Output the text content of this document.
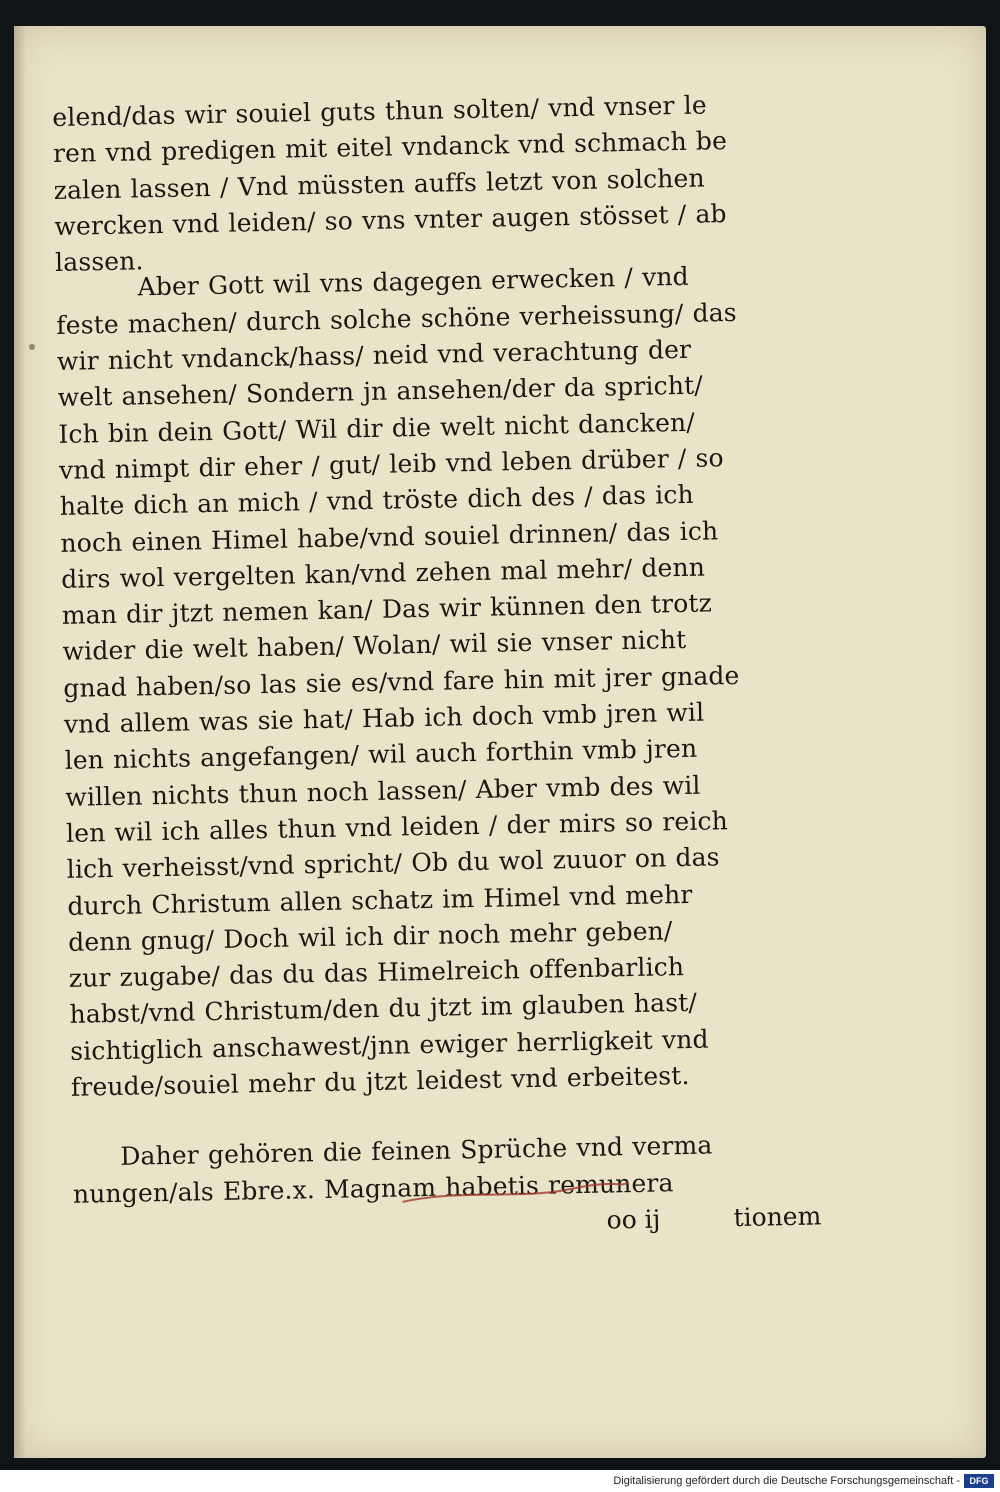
elend/das wir souiel guts thun solten/ vnd vnser le
ren vnd predigen mit eitel vndanck vnd schmach be
zalen lassen / Vnd müssten auffs letzt von solchen
wercken vnd leiden/ so vns vnter augen stösset / ab
lassen.
Aber Gott wil vns dagegen erwecken / vnd
feste machen/ durch solche schöne verheissung/ das
wir nicht vndanck/hass/ neid vnd verachtung der
welt ansehen/ Sondern jn ansehen/der da spricht/
Ich bin dein Gott/ Wil dir die welt nicht dancken/
vnd nimpt dir eher / gut/ leib vnd leben drüber / so
halte dich an mich / vnd tröste dich des / das ich
noch einen Himel habe/vnd souiel drinnen/ das ich
dirs wol vergelten kan/vnd zehen mal mehr/ denn
man dir jtzt nemen kan/ Das wir künnen den trotz
wider die welt haben/ Wolan/ wil sie vnser nicht
gnad haben/so las sie es/vnd fare hin mit jrer gnade
vnd allem was sie hat/ Hab ich doch vmb jren wil
len nichts angefangen/ wil auch forthin vmb jren
willen nichts thun noch lassen/ Aber vmb des wil
len wil ich alles thun vnd leiden / der mirs so reich
lich verheisst/vnd spricht/ Ob du wol zuuor on das
durch Christum allen schatz im Himel vnd mehr
denn gnug/ Doch wil ich dir noch mehr geben/
zur zugabe/ das du das Himelreich offenbarlich
habst/vnd Christum/den du jtzt im glauben hast/
sichtiglich anschawest/jnn ewiger herrligkeit vnd
freude/souiel mehr du jtzt leidest vnd erbeitest.
Daher gehören die feinen Sprüche vnd verma
nungen/als Ebre.x. Magnam habetis remunera
oo ij	tionem
Digitalisierung gefördert durch die Deutsche Forschungsgemeinschaft -	DFG
